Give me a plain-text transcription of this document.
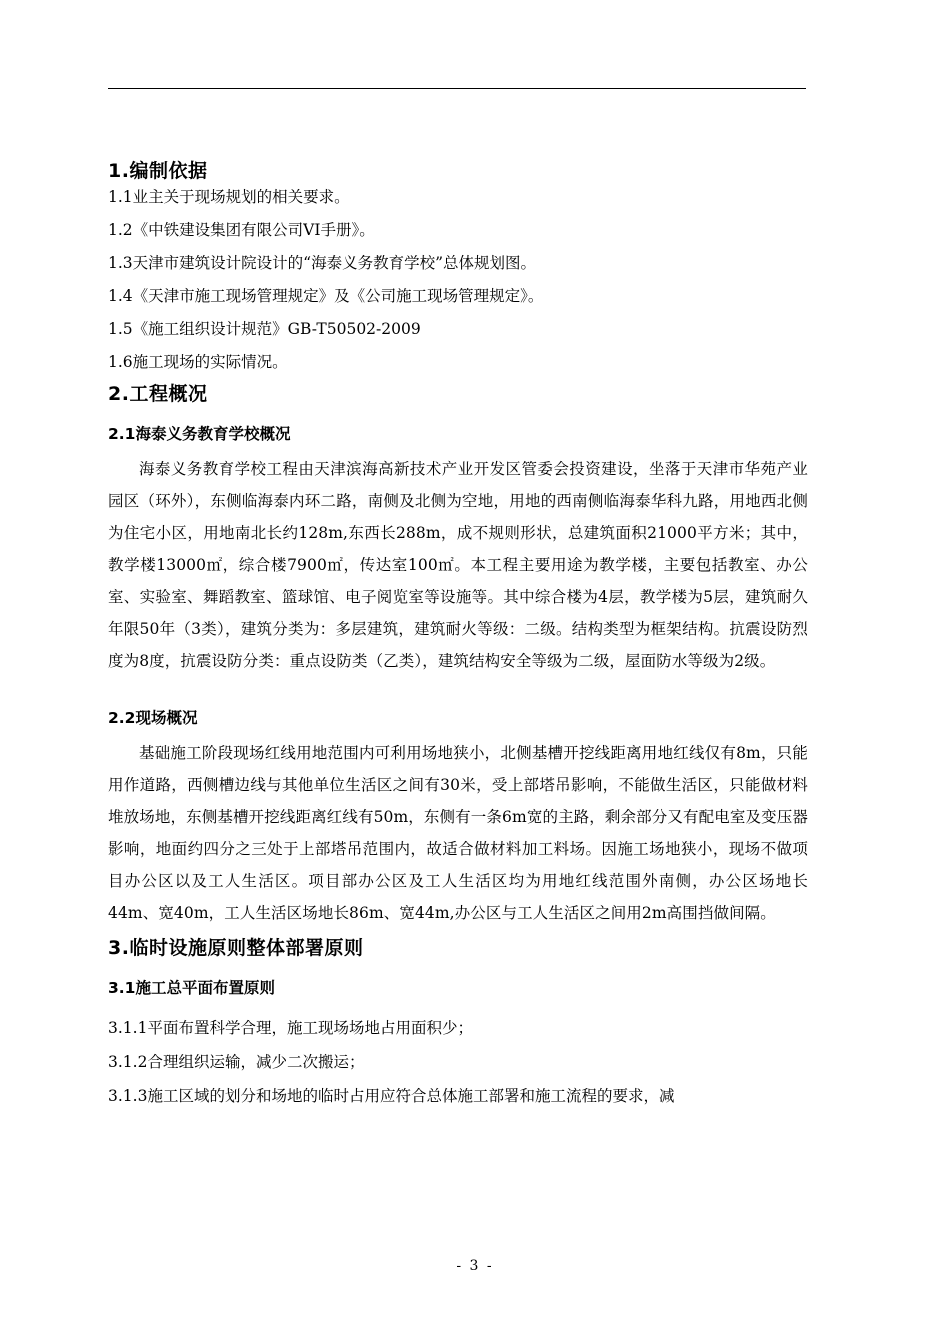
1.编制依据

1.1业主关于现场规划的相关要求。

1.2《中铁建设集团有限公司VI手册》。

1.3天津市建筑设计院设计的“海泰义务教育学校”总体规划图。

1.4《天津市施工现场管理规定》及《公司施工现场管理规定》。

1.5《施工组织设计规范》GB-T50502-2009

1.6施工现场的实际情况。

2.工程概况
2.1海泰义务教育学校概况

海泰义务教育学校工程由天津滨海高新技术产业开发区管委会投资建设，坐落于天津市华苑产业园区（环外），东侧临海泰内环二路，南侧及北侧为空地，用地的西南侧临海泰华科九路，用地西北侧为住宅小区，用地南北长约128m,东西长288m，成不规则形状，总建筑面积21000平方米；其中，教学楼13000㎡，综合楼7900㎡，传达室100㎡。本工程主要用途为教学楼，主要包括教室、办公室、实验室、舞蹈教室、篮球馆、电子阅览室等设施等。其中综合楼为4层，教学楼为5层，建筑耐久年限50年（3类），建筑分类为：多层建筑，建筑耐火等级：二级。结构类型为框架结构。抗震设防烈度为8度，抗震设防分类：重点设防类（乙类），建筑结构安全等级为二级，屋面防水等级为2级。

2.2现场概况

基础施工阶段现场红线用地范围内可利用场地狭小，北侧基槽开挖线距离用地红线仅有8m，只能用作道路，西侧槽边线与其他单位生活区之间有30米，受上部塔吊影响，不能做生活区，只能做材料堆放场地，东侧基槽开挖线距离红线有50m，东侧有一条6m宽的主路，剩余部分又有配电室及变压器影响，地面约四分之三处于上部塔吊范围内，故适合做材料加工料场。因施工场地狭小，现场不做项目办公区以及工人生活区。项目部办公区及工人生活区均为用地红线范围外南侧，办公区场地长44m、宽40m，工人生活区场地长86m、宽44m,办公区与工人生活区之间用2m高围挡做间隔。

3.临时设施原则整体部署原则
3.1施工总平面布置原则

3.1.1平面布置科学合理，施工现场场地占用面积少；

3.1.2合理组织运输，减少二次搬运；

3.1.3施工区域的划分和场地的临时占用应符合总体施工部署和施工流程的要求，减

- 3 -
